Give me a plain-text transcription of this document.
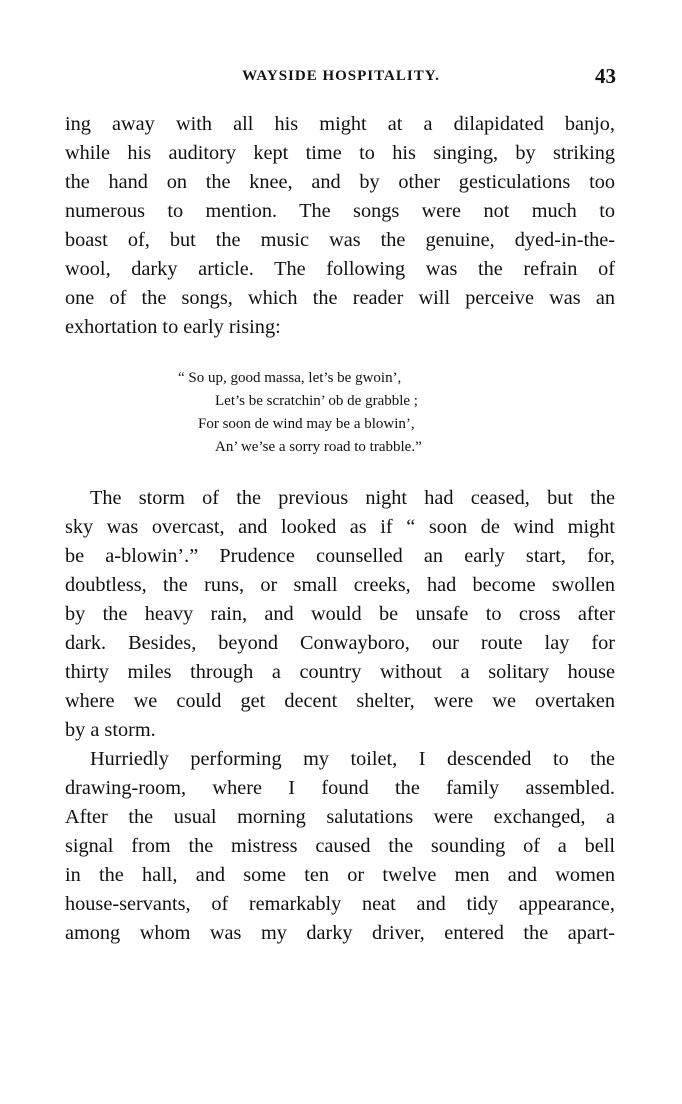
WAYSIDE HOSPITALITY.	43
ing away with all his might at a dilapidated banjo,
while his auditory kept time to his singing, by striking
the hand on the knee, and by other gesticulations too
numerous to mention. The songs were not much to
boast of, but the music was the genuine, dyed-in-the-
wool, darky article. The following was the refrain of
one of the songs, which the reader will perceive was an
exhortation to early rising:
“ So up, good massa, let’s be gwoin’,
Let’s be scratchin’ ob de grabble ;
For soon de wind may be a blowin’,
An’ we’se a sorry road to trabble.”
The storm of the previous night had ceased, but the
sky was overcast, and looked as if “ soon de wind might
be a-blowin’.” Prudence counselled an early start, for,
doubtless, the runs, or small creeks, had become swollen
by the heavy rain, and would be unsafe to cross after
dark. Besides, beyond Conwayboro, our route lay for
thirty miles through a country without a solitary house
where we could get decent shelter, were we overtaken
by a storm.
Hurriedly performing my toilet, I descended to the
drawing-room, where I found the family assembled.
After the usual morning salutations were exchanged, a
signal from the mistress caused the sounding of a bell
in the hall, and some ten or twelve men and women
house-servants, of remarkably neat and tidy appearance,
among whom was my darky driver, entered the apart-
